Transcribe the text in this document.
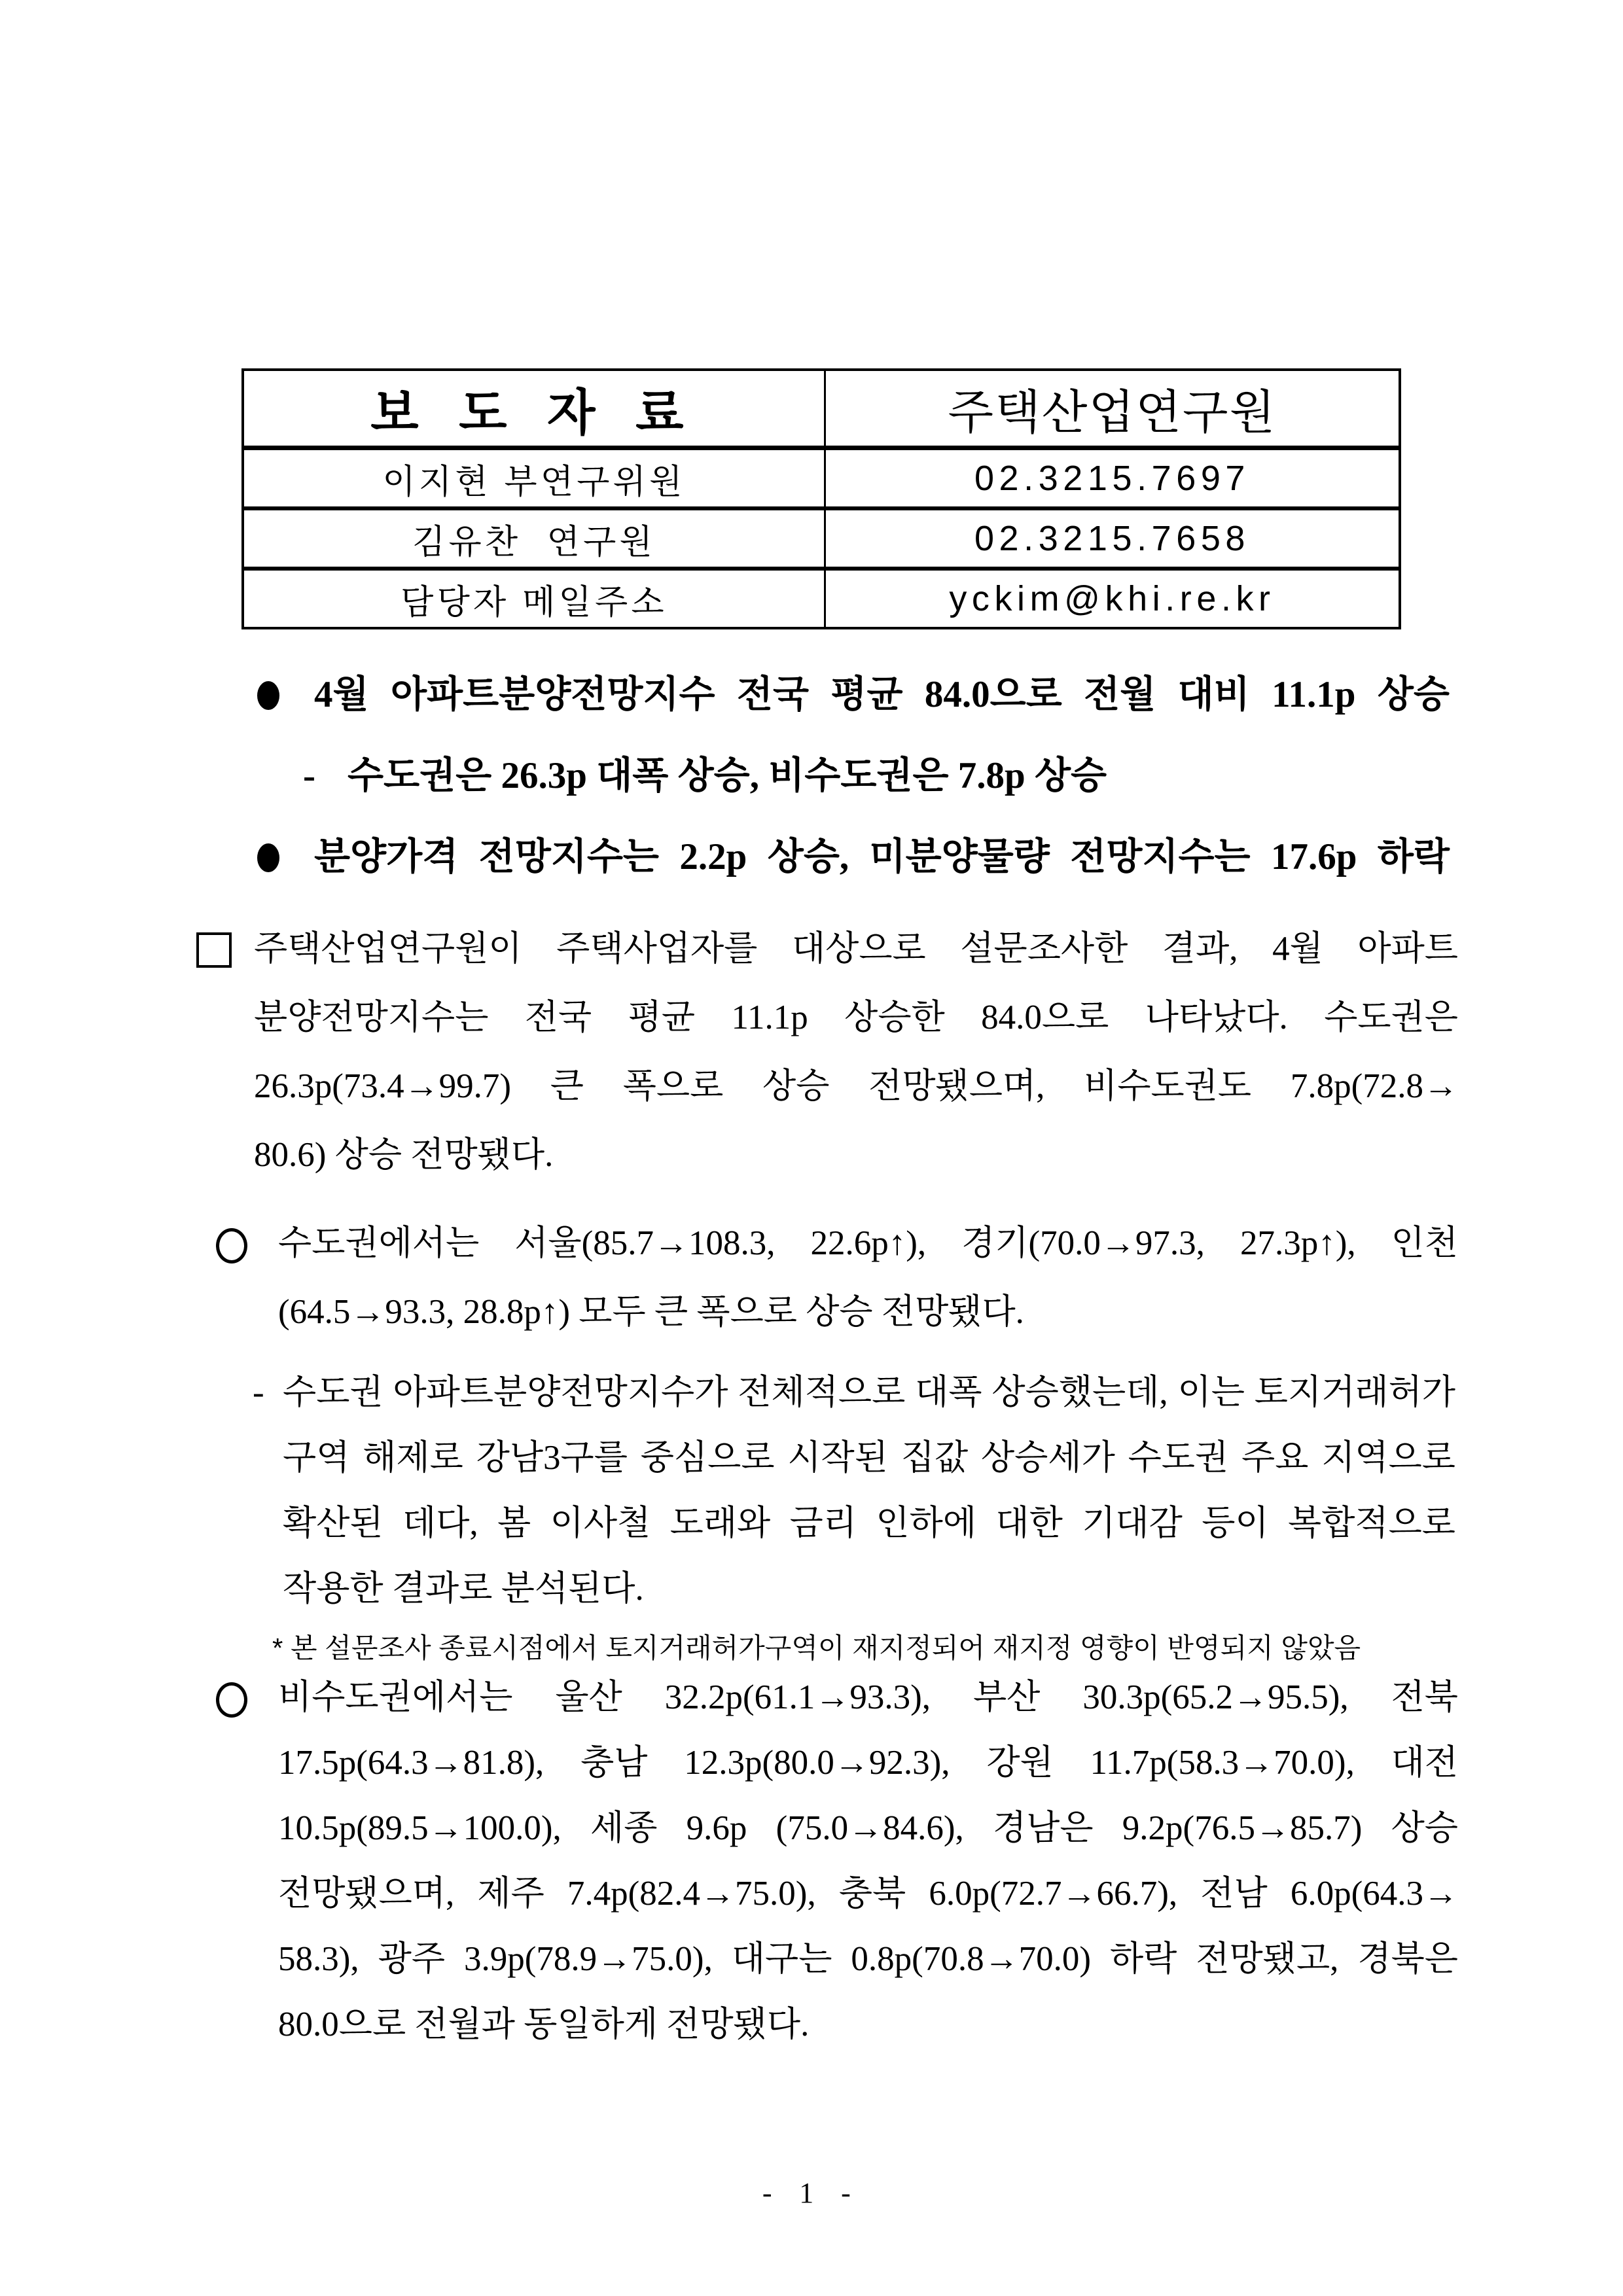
보 도 자 료	주택산업연구원
이지현 부연구위원	02.3215.7697
김유찬  연구원	02.3215.7658
담당자 메일주소	yckim@khi.re.kr
4월 아파트분양전망지수 전국 평균 84.0으로 전월 대비 11.1p 상승
- 수도권은 26.3p 대폭 상승, 비수도권은 7.8p 상승
분양가격 전망지수는 2.2p 상승, 미분양물량 전망지수는 17.6p 하락
주택산업연구원이 주택사업자를 대상으로 설문조사한 결과, 4월 아파트
분양전망지수는 전국 평균 11.1p 상승한 84.0으로 나타났다. 수도권은
26.3p(73.4→99.7) 큰 폭으로 상승 전망됐으며, 비수도권도 7.8p(72.8→
80.6) 상승 전망됐다.
수도권에서는 서울(85.7→108.3, 22.6p↑), 경기(70.0→97.3, 27.3p↑), 인천
(64.5→93.3, 28.8p↑) 모두 큰 폭으로 상승 전망됐다.
- 수도권 아파트분양전망지수가 전체적으로 대폭 상승했는데, 이는 토지거래허가
구역 해제로 강남3구를 중심으로 시작된 집값 상승세가 수도권 주요 지역으로
확산된 데다, 봄 이사철 도래와 금리 인하에 대한 기대감 등이 복합적으로
작용한 결과로 분석된다.
* 본 설문조사 종료시점에서 토지거래허가구역이 재지정되어 재지정 영향이 반영되지 않았음
비수도권에서는 울산 32.2p(61.1→93.3), 부산 30.3p(65.2→95.5), 전북
17.5p(64.3→81.8), 충남 12.3p(80.0→92.3), 강원 11.7p(58.3→70.0), 대전
10.5p(89.5→100.0), 세종 9.6p (75.0→84.6), 경남은 9.2p(76.5→85.7) 상승
전망됐으며, 제주 7.4p(82.4→75.0), 충북 6.0p(72.7→66.7), 전남 6.0p(64.3→
58.3), 광주 3.9p(78.9→75.0), 대구는 0.8p(70.8→70.0) 하락 전망됐고, 경북은
80.0으로 전월과 동일하게 전망됐다.
- 1 -
